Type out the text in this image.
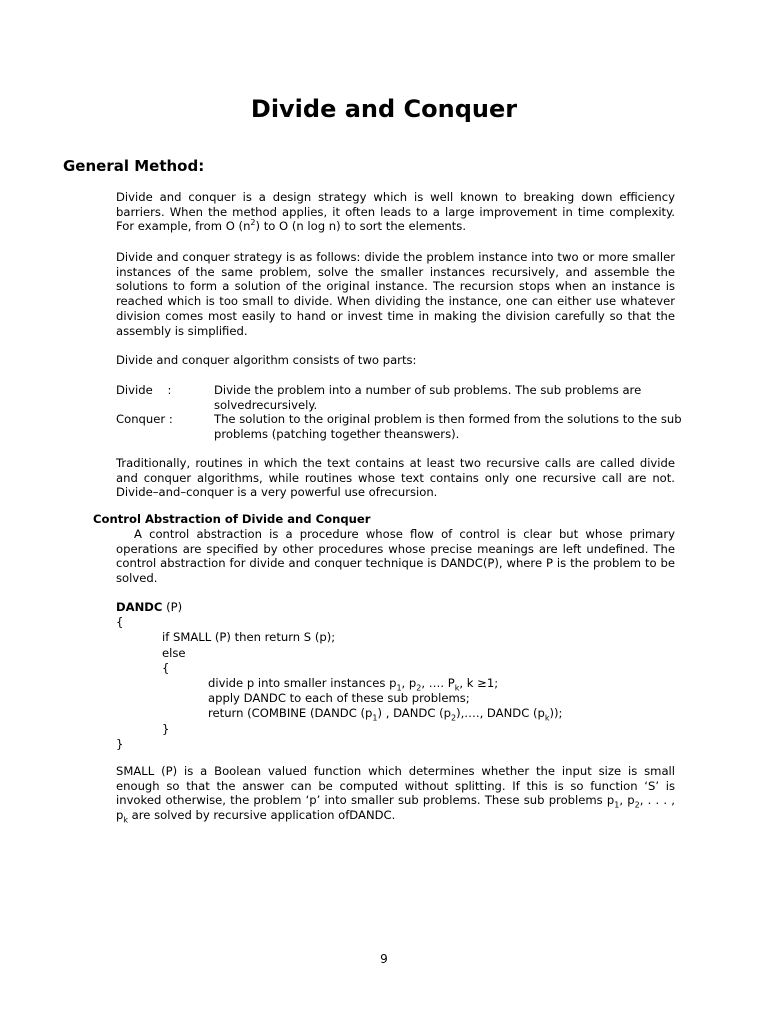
Divide and Conquer
General Method:

Divide and conquer is a design strategy which is well known to breaking down efficiency barriers. When the method applies, it often leads to a large improvement in time complexity. For example, from O $(n^2)$ to O (n log n) to sort the elements.

Divide and conquer strategy is as follows: divide the problem instance into two or more smaller instances of the same problem, solve the smaller instances recursively, and assemble the solutions to form a solution of the original instance. The recursion stops when an instance is reached which is too small to divide. When dividing the instance, one can either use whatever division comes most easily to hand or invest time in making the division carefully so that the assembly is simplified.

Divide and conquer algorithm consists of two parts:

Divide    :	Divide the problem into a number of sub problems. The sub problems are solvedrecursively.
Conquer :	The solution to the original problem is then formed from the solutions to the sub problems (patching together theanswers).

Traditionally, routines in which the text contains at least two recursive calls are called divide and conquer algorithms, while routines whose text contains only one recursive call are not. Divide–and–conquer is a very powerful use ofrecursion.

Control Abstraction of Divide and Conquer

A control abstraction is a procedure whose flow of control is clear but whose primary operations are specified by other procedures whose precise meanings are left undefined. The control abstraction for divide and conquer technique is DANDC(P), where P is the problem to be solved.

DANDC (P)
{
if SMALL (P) then return S (p);
else
{
divide p into smaller instances $p_1$, $p_2$, …. $P_k$, k ≥1;
apply DANDC to each of these sub problems;
return (COMBINE (DANDC $(p_1)$ , DANDC $(p_2),\dots$., DANDC $(p_k)$);
}
}

SMALL (P) is a Boolean valued function which determines whether the input size is small enough so that the answer can be computed without splitting. If this is so function ‘S’ is invoked otherwise, the problem ‘p’ into smaller sub problems. These sub problems $p_1$, $p_2$, . . . , $p_k$ are solved by recursive application ofDANDC.

9
